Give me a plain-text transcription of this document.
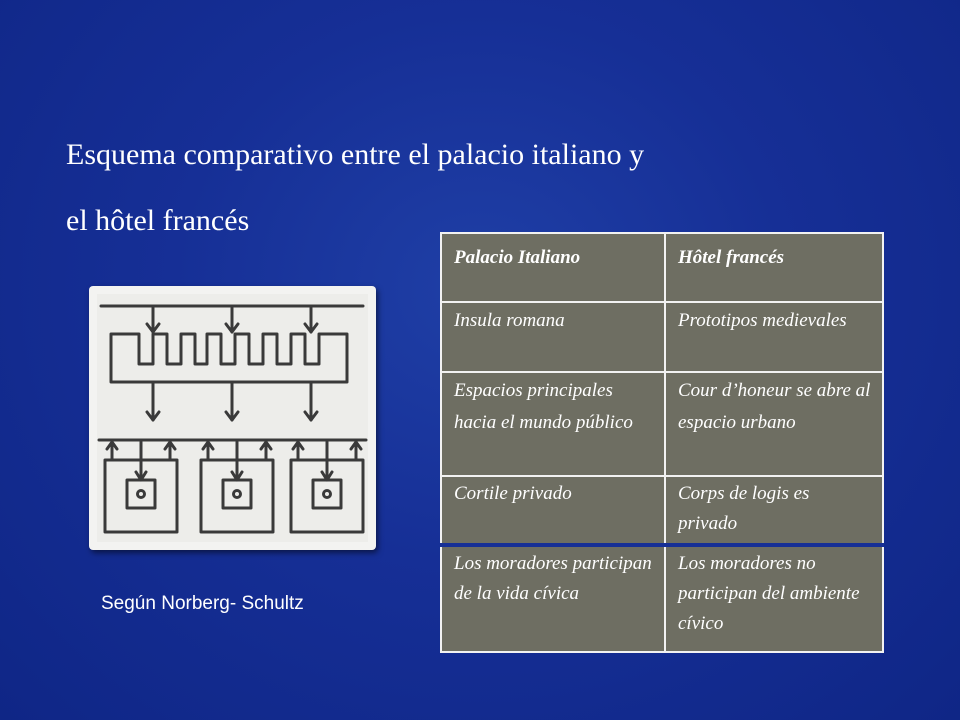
Esquema comparativo entre el palacio italiano y
el hôtel francés
Según Norberg- Schultz
Palacio Italiano	Hôtel francés
Insula romana	Prototipos medievales
Espacios principales hacia el mundo público	Cour d’honeur se abre al espacio urbano
Cortile privado	Corps de logis es privado
Los moradores participan de la vida cívica	Los moradores no participan del ambiente cívico
